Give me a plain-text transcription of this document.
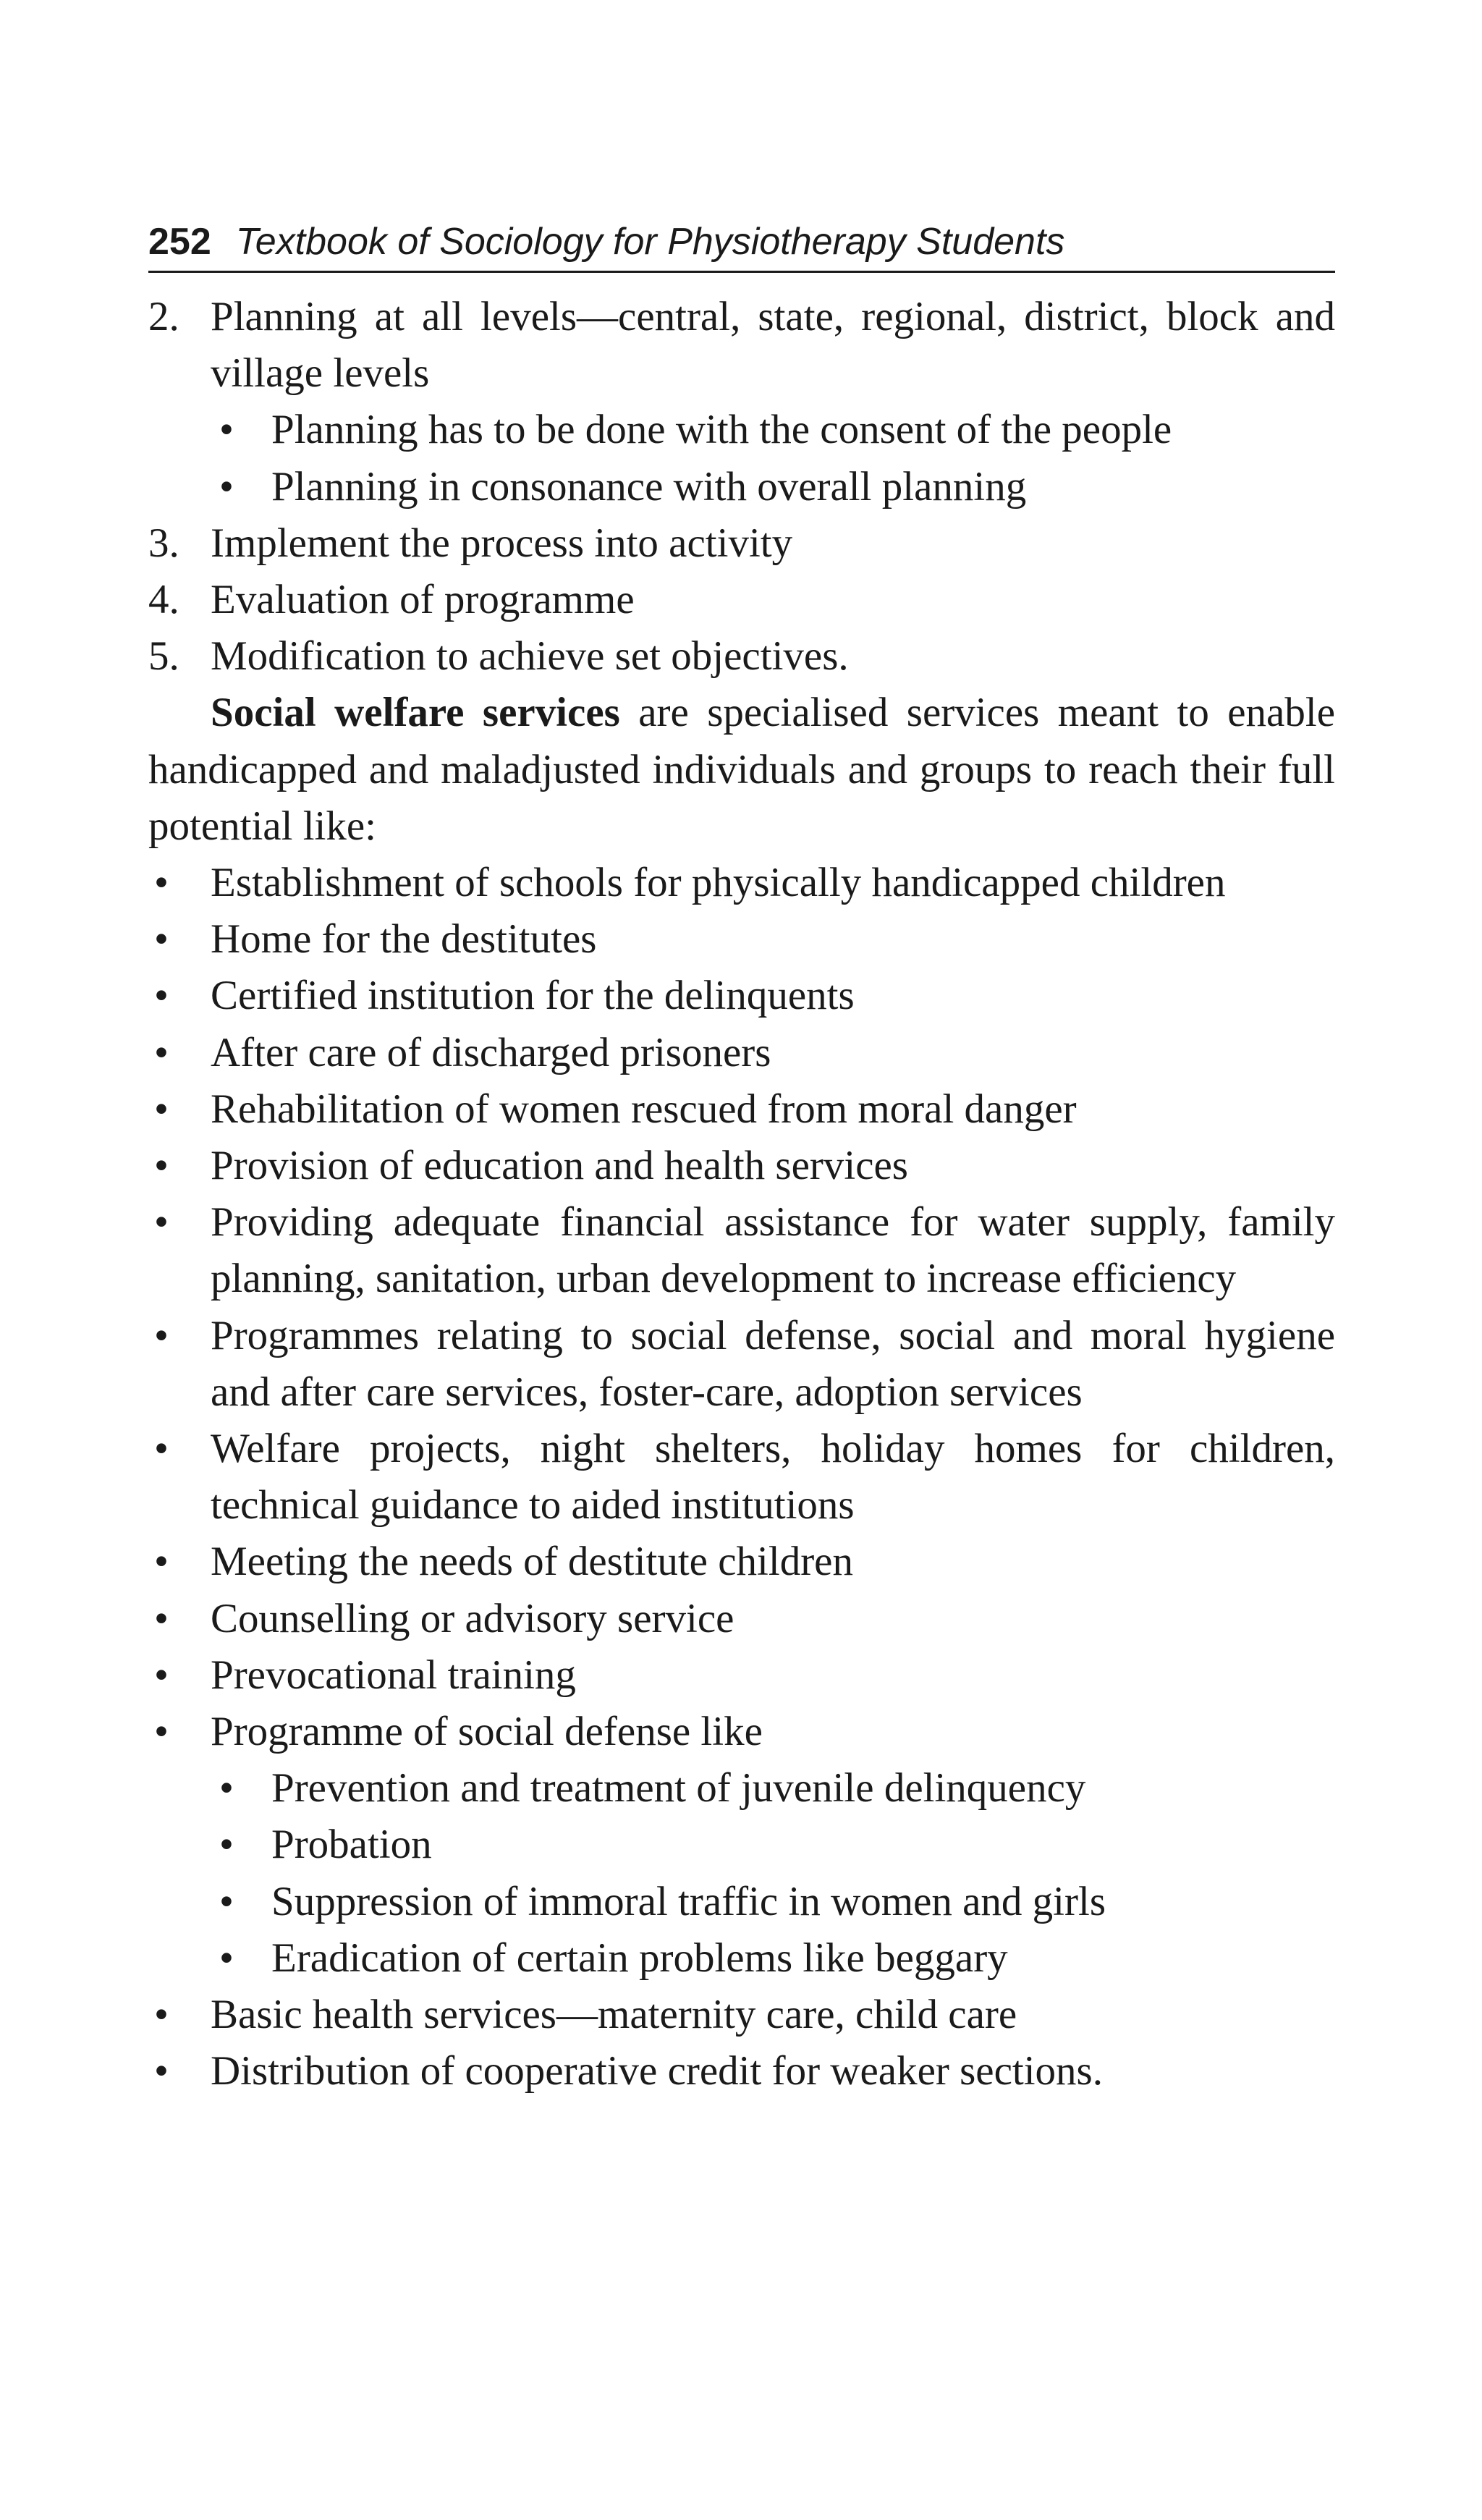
252 Textbook of Sociology for Physiotherapy Students
2. Planning at all levels—central, state, regional, district, block and village levels
• Planning has to be done with the consent of the people
• Planning in consonance with overall planning
3. Implement the process into activity
4. Evaluation of programme
5. Modification to achieve set objectives.
Social welfare services are specialised services meant to enable handicapped and maladjusted individuals and groups to reach their full potential like:
•	Establishment of schools for physically handicapped children
•	Home for the destitutes
•	Certified institution for the delinquents
•	After care of discharged prisoners
•	Rehabilitation of women rescued from moral danger
•	Provision of education and health services
•	Providing adequate financial assistance for water supply, family planning, sanitation, urban development to increase efficiency
•	Programmes relating to social defense, social and moral hygiene and after care services, foster-care, adoption services
•	Welfare projects, night shelters, holiday homes for children, technical guidance to aided institutions
•	Meeting the needs of destitute children
•	Counselling or advisory service
•	Prevocational training
•	Programme of social defense like
• Prevention and treatment of juvenile delinquency
• Probation
• Suppression of immoral traffic in women and girls
• Eradication of certain problems like beggary
•	Basic health services—maternity care, child care
•	Distribution of cooperative credit for weaker sections.
